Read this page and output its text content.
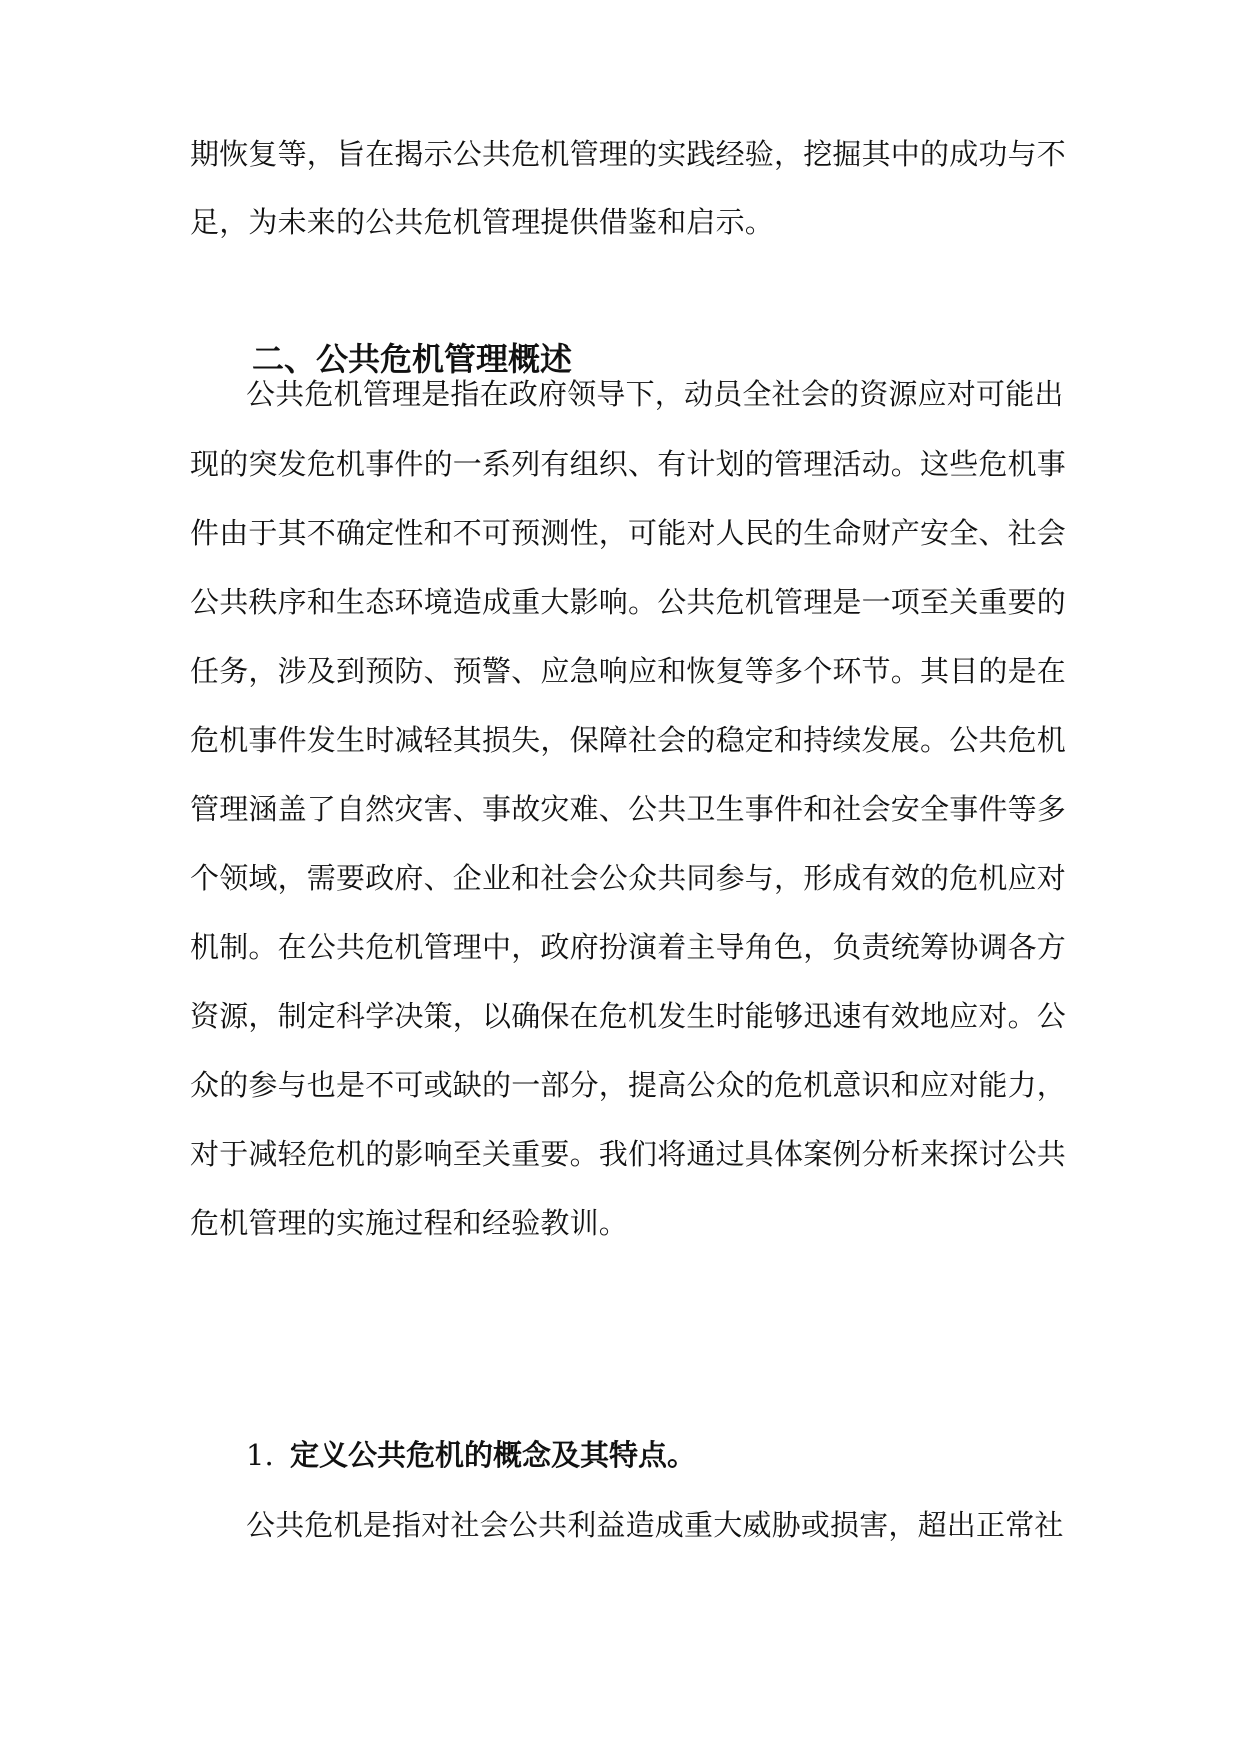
期恢复等，旨在揭示公共危机管理的实践经验，挖掘其中的成功与不
足，为未来的公共危机管理提供借鉴和启示。
二、公共危机管理概述
公共危机管理是指在政府领导下，动员全社会的资源应对可能出
现的突发危机事件的一系列有组织、有计划的管理活动。这些危机事
件由于其不确定性和不可预测性，可能对人民的生命财产安全、社会
公共秩序和生态环境造成重大影响。公共危机管理是一项至关重要的
任务，涉及到预防、预警、应急响应和恢复等多个环节。其目的是在
危机事件发生时减轻其损失，保障社会的稳定和持续发展。公共危机
管理涵盖了自然灾害、事故灾难、公共卫生事件和社会安全事件等多
个领域，需要政府、企业和社会公众共同参与，形成有效的危机应对
机制。在公共危机管理中，政府扮演着主导角色，负责统筹协调各方
资源，制定科学决策，以确保在危机发生时能够迅速有效地应对。公
众的参与也是不可或缺的一部分，提高公众的危机意识和应对能力，
对于减轻危机的影响至关重要。我们将通过具体案例分析来探讨公共
危机管理的实施过程和经验教训。
1. 定义公共危机的概念及其特点。
公共危机是指对社会公共利益造成重大威胁或损害，超出正常社
